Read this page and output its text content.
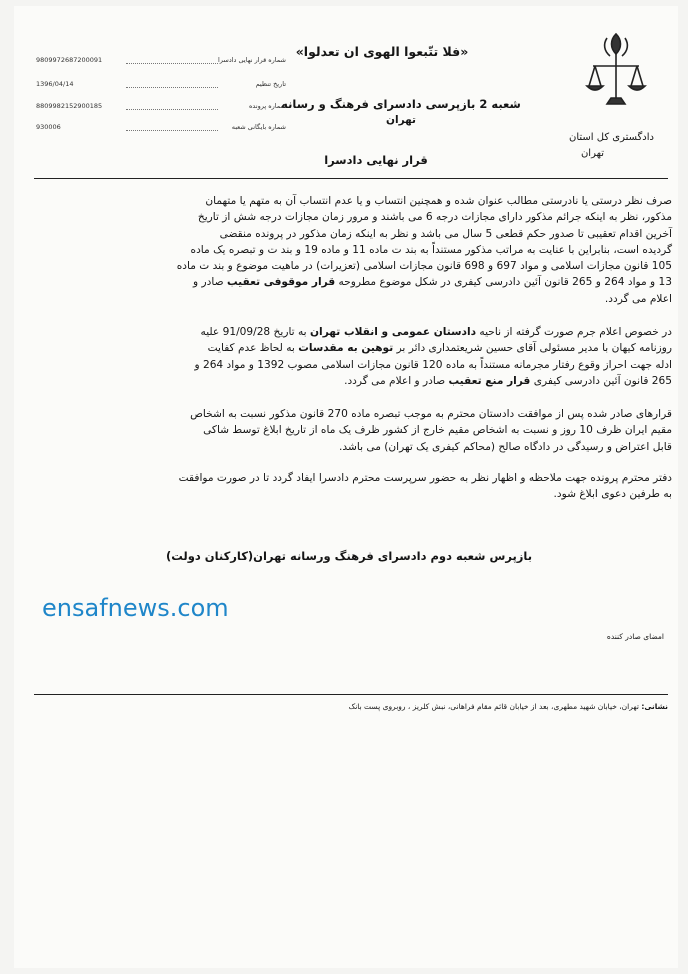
«فلا تتّبعوا الهوى ان تعدلوا»
شعبه 2 بازپرسی دادسرای فرهنگ و رسانه
تهران
دادگستری کل استان
تهران
قرار نهایی دادسرا
9809972687200091	شماره قرار نهایی دادسرا
1396/04/14	تاریخ تنظیم
8809982152900185	شماره پرونده
930006	شماره بایگانی شعبه
صرف نظر درستی یا نادرستی مطالب عنوان شده و همچنین انتساب و یا عدم انتساب آن به متهم یا متهمان
مذکور، نظر به اینکه جرائم مذکور دارای مجازات درجه 6 می باشند و مرور زمان مجازات درجه شش از تاریخ
آخرین اقدام تعقیبی تا صدور حکم قطعی 5 سال می باشد و نظر به اینکه زمان مذکور در پرونده منقضی
گردیده است، بنابراین با عنایت به مراتب مذکور مستنداً به بند ت ماده 11 و ماده 19 و بند ت و تبصره یک ماده
105 قانون مجازات اسلامی و مواد 697 و 698 قانون مجازات اسلامی (تعزیرات) در ماهیت موضوع و بند ت ماده
13 و مواد 264 و 265 قانون آئین دادرسی کیفری در شکل موضوع مطروحه قرار موقوفی تعقیب صادر و
اعلام می گردد.
در خصوص اعلام جرم صورت گرفته از ناحیه دادستان عمومی و انقلاب تهران به تاریخ 91/09/28 علیه
روزنامه کیهان با مدیر مسئولی آقای حسین شریعتمداری دائر بر توهین به مقدسات به لحاظ عدم کفایت
ادله جهت احراز وقوع رفتار مجرمانه مستنداً به ماده 120 قانون مجازات اسلامی مصوب 1392 و مواد 264 و
265 قانون آئین دادرسی کیفری قرار منع تعقیب صادر و اعلام می گردد.
قرارهای صادر شده پس از موافقت دادستان محترم به موجب تبصره ماده 270 قانون مذکور نسبت به اشخاص
مقیم ایران ظرف 10 روز و نسبت به اشخاص مقیم خارج از کشور ظرف یک ماه از تاریخ ابلاغ توسط شاکی
قابل اعتراض و رسیدگی در دادگاه صالح (محاکم کیفری یک تهران) می باشد.
دفتر محترم پرونده جهت ملاحظه و اظهار نظر به حضور سرپرست محترم دادسرا ایفاد گردد تا در صورت موافقت
به طرفین دعوی ابلاغ شود.
بازپرس شعبه دوم دادسرای فرهنگ ورسانه تهران(کارکنان دولت)
ensafnews.com
امضای صادر کننده
نشانی: تهران، خیابان شهید مطهری، بعد از خیابان قائم مقام فراهانی، نبش کلریز ، روبروی پست بانک
